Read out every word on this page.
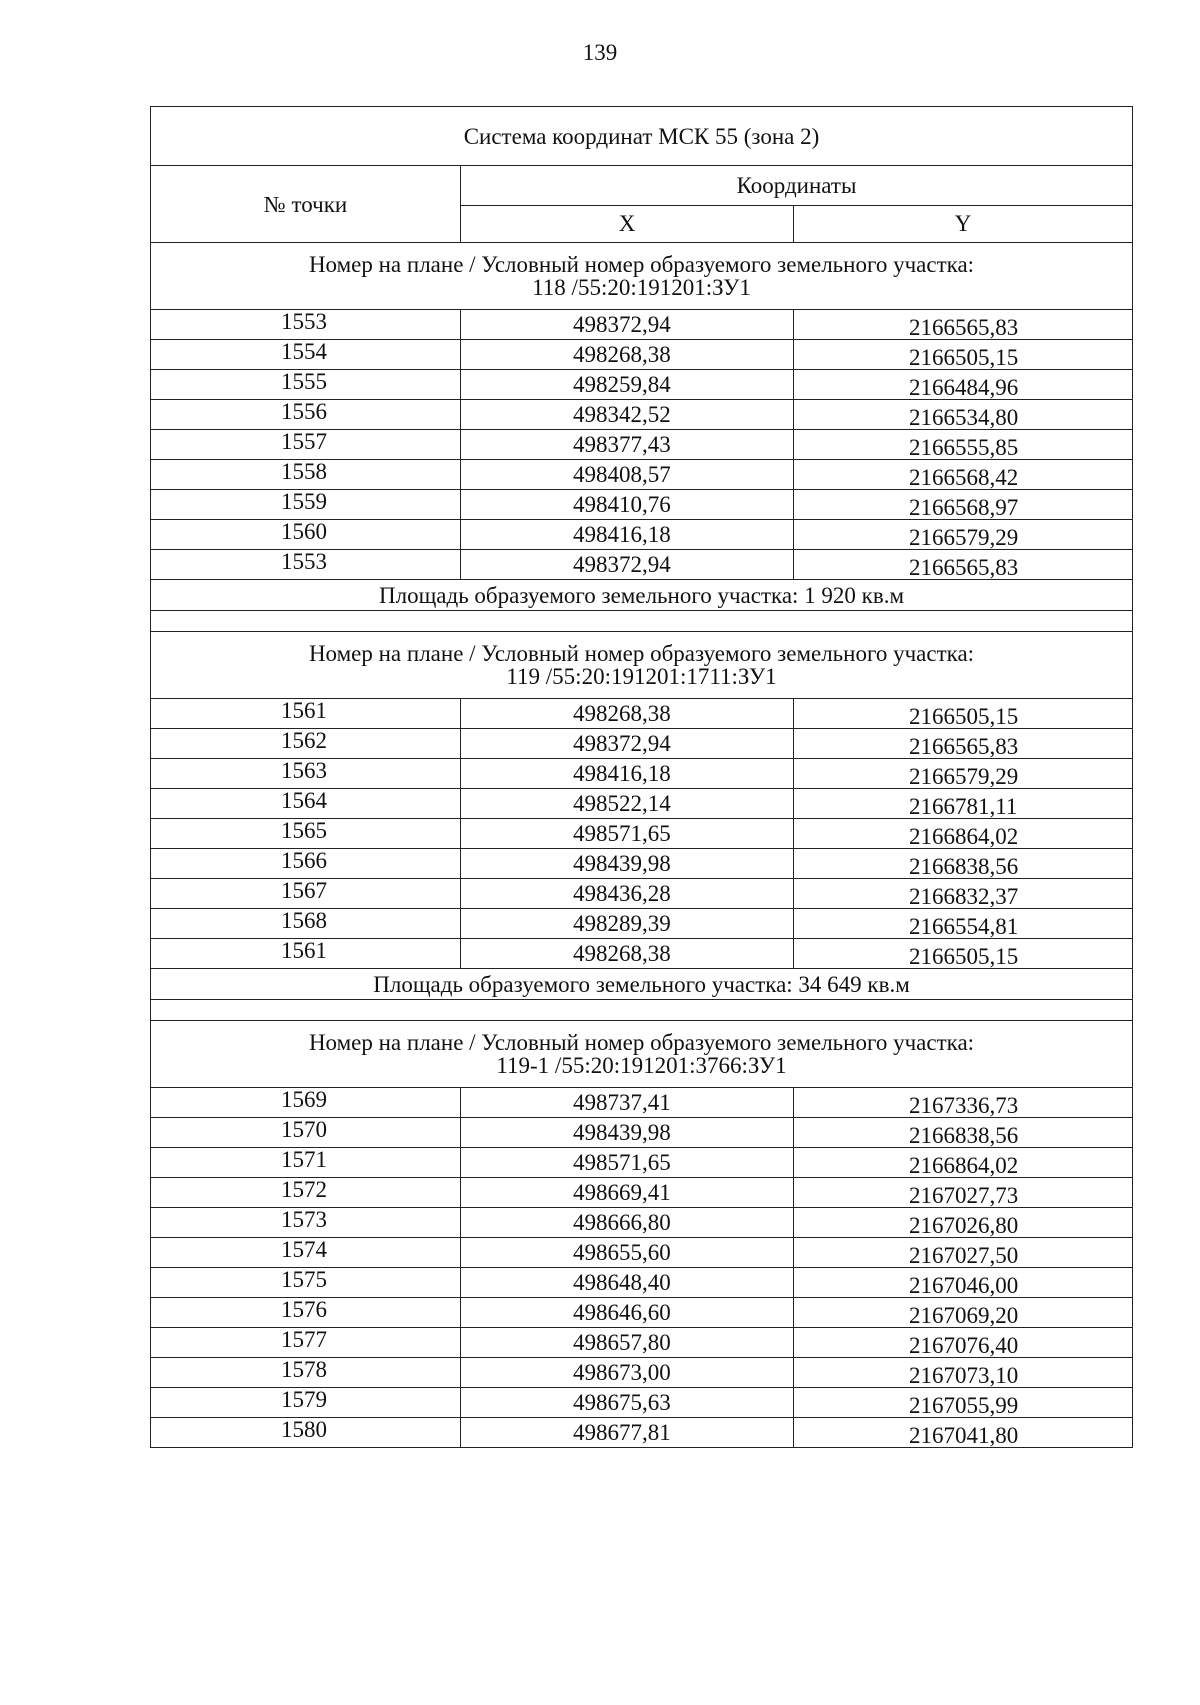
139
Система координат МСК 55 (зона 2)		
№ точки	Координаты	
	X	Y

Номер на плане / Условный номер образуемого земельного участка:
118 /55:20:191201:ЗУ1		

1553	498372,94	2166565,83
1554	498268,38	2166505,15
1555	498259,84	2166484,96
1556	498342,52	2166534,80
1557	498377,43	2166555,85
1558	498408,57	2166568,42
1559	498410,76	2166568,97
1560	498416,18	2166579,29
1553	498372,94	2166565,83
Площадь образуемого земельного участка: 1 920 кв.м		

Номер на плане / Условный номер образуемого земельного участка:
119 /55:20:191201:1711:ЗУ1		

1561	498268,38	2166505,15
1562	498372,94	2166565,83
1563	498416,18	2166579,29
1564	498522,14	2166781,11
1565	498571,65	2166864,02
1566	498439,98	2166838,56
1567	498436,28	2166832,37
1568	498289,39	2166554,81
1561	498268,38	2166505,15
Площадь образуемого земельного участка: 34 649 кв.м		

Номер на плане / Условный номер образуемого земельного участка:
119-1 /55:20:191201:3766:ЗУ1		

1569	498737,41	2167336,73
1570	498439,98	2166838,56
1571	498571,65	2166864,02
1572	498669,41	2167027,73
1573	498666,80	2167026,80
1574	498655,60	2167027,50
1575	498648,40	2167046,00
1576	498646,60	2167069,20
1577	498657,80	2167076,40
1578	498673,00	2167073,10
1579	498675,63	2167055,99
1580	498677,81	2167041,80
